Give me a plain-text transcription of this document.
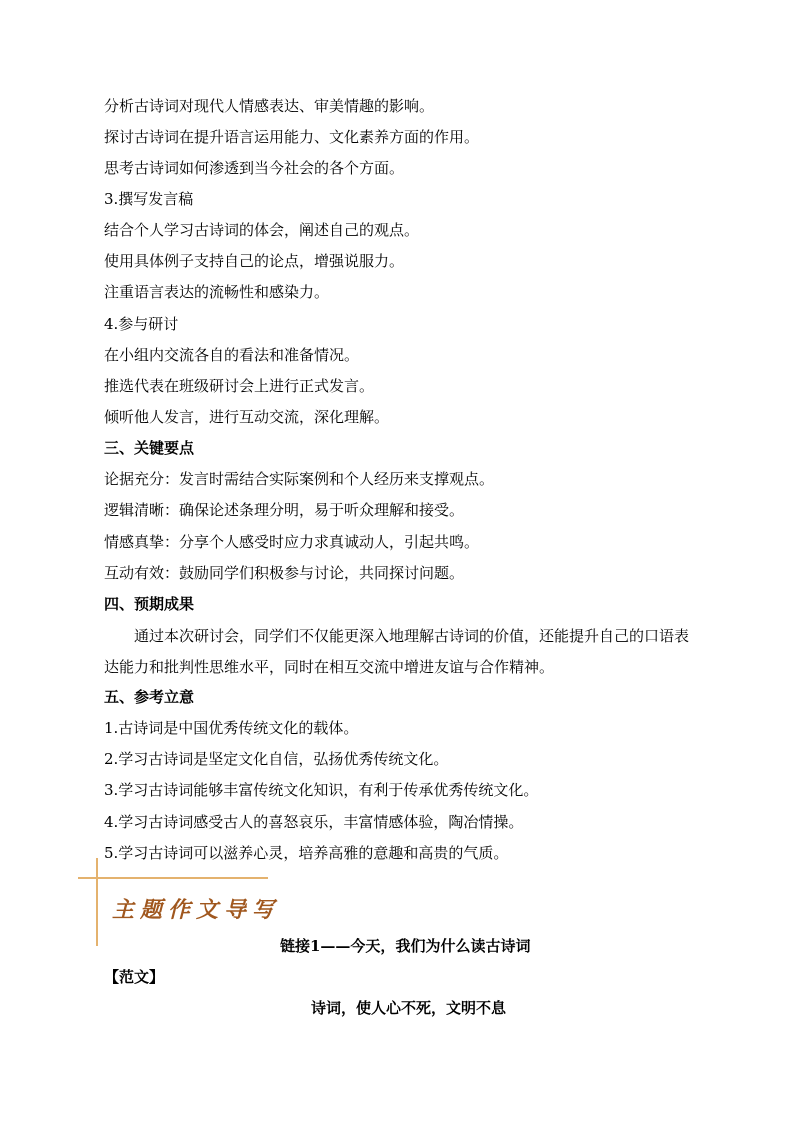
分析古诗词对现代人情感表达、审美情趣的影响。
探讨古诗词在提升语言运用能力、文化素养方面的作用。
思考古诗词如何渗透到当今社会的各个方面。
3.撰写发言稿
结合个人学习古诗词的体会，阐述自己的观点。
使用具体例子支持自己的论点，增强说服力。
注重语言表达的流畅性和感染力。
4.参与研讨
在小组内交流各自的看法和准备情况。
推选代表在班级研讨会上进行正式发言。
倾听他人发言，进行互动交流，深化理解。
三、关键要点
论据充分：发言时需结合实际案例和个人经历来支撑观点。
逻辑清晰：确保论述条理分明，易于听众理解和接受。
情感真挚：分享个人感受时应力求真诚动人，引起共鸣。
互动有效：鼓励同学们积极参与讨论，共同探讨问题。
四、预期成果
通过本次研讨会，同学们不仅能更深入地理解古诗词的价值，还能提升自己的口语表达能力和批判性思维水平，同时在相互交流中增进友谊与合作精神。
五、参考立意
1.古诗词是中国优秀传统文化的载体。
2.学习古诗词是坚定文化自信，弘扬优秀传统文化。
3.学习古诗词能够丰富传统文化知识，有利于传承优秀传统文化。
4.学习古诗词感受古人的喜怒哀乐，丰富情感体验，陶冶情操。
5.学习古诗词可以滋养心灵，培养高雅的意趣和高贵的气质。
主题作文导写
链接1——今天，我们为什么读古诗词
【范文】
诗词，使人心不死，文明不息
